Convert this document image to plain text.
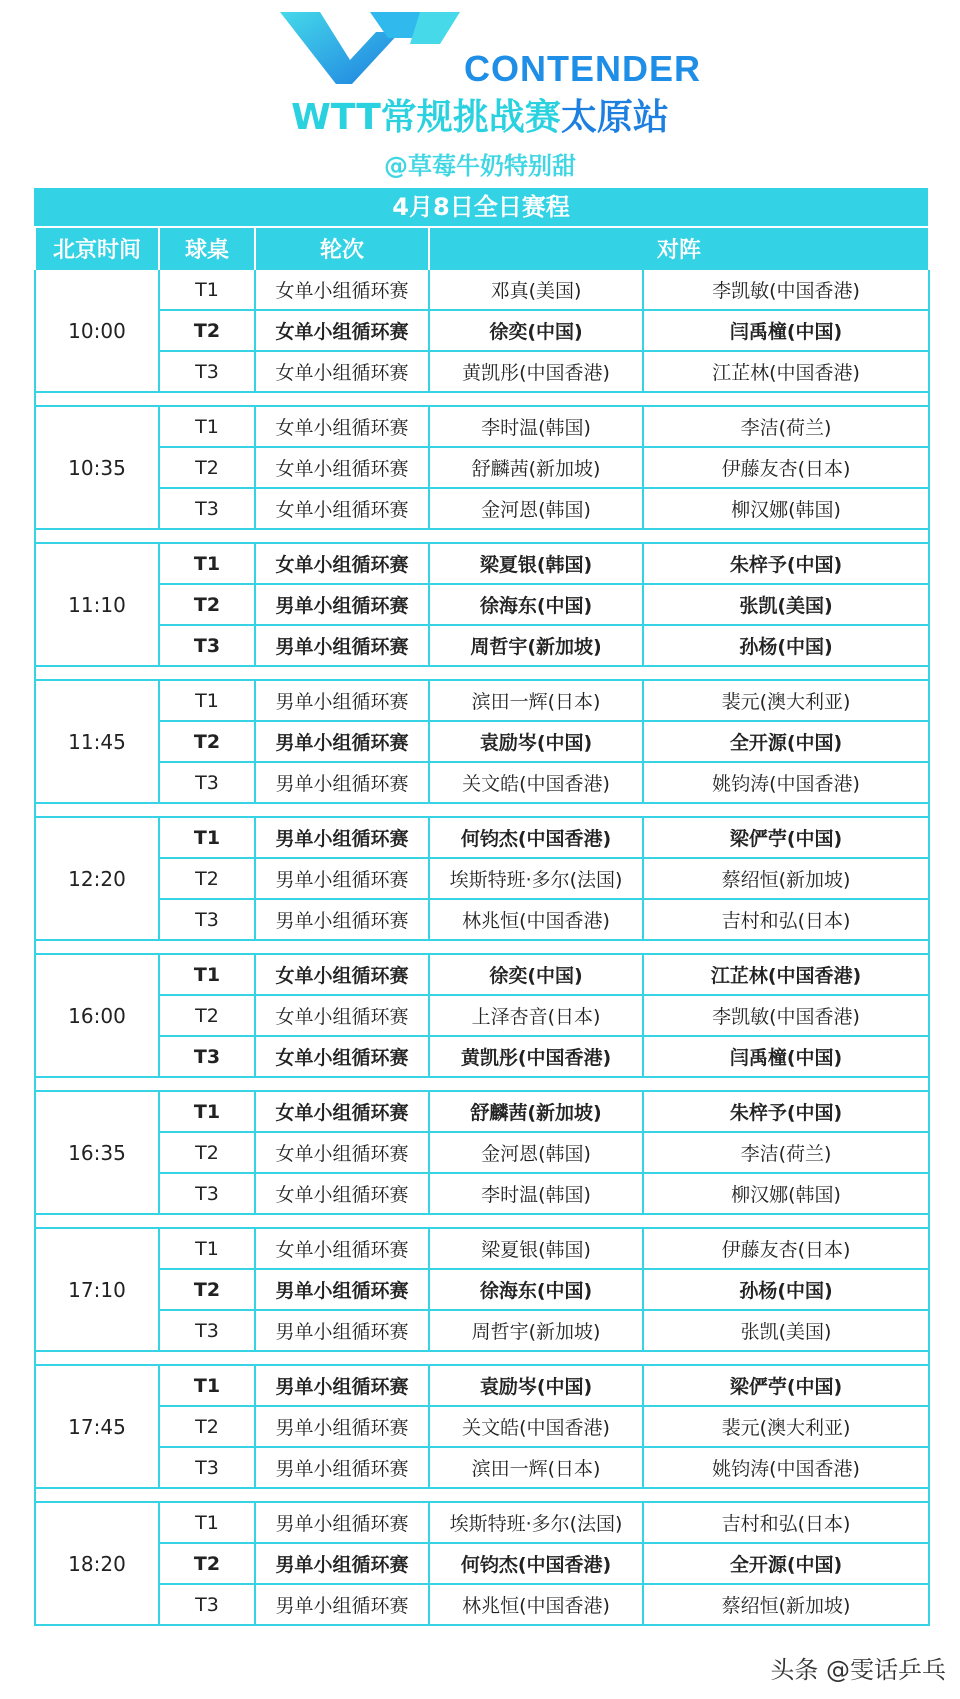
CONTENDER
WTT常规挑战赛太原站
@草莓牛奶特别甜
4月8日全日赛程
北京时间	球桌	轮次	对阵	
10:00	T1	女单小组循环赛	邓真(美国)	李凯敏(中国香港)
	T2	女单小组循环赛	徐奕(中国)	闫禹橦(中国)
	T3	女单小组循环赛	黄凯彤(中国香港)	江芷林(中国香港)

10:35	T1	女单小组循环赛	李时温(韩国)	李洁(荷兰)
	T2	女单小组循环赛	舒麟茜(新加坡)	伊藤友杏(日本)
	T3	女单小组循环赛	金河恩(韩国)	柳汉娜(韩国)

11:10	T1	女单小组循环赛	梁夏银(韩国)	朱梓予(中国)
	T2	男单小组循环赛	徐海东(中国)	张凯(美国)
	T3	男单小组循环赛	周哲宇(新加坡)	孙杨(中国)

11:45	T1	男单小组循环赛	滨田一辉(日本)	裴元(澳大利亚)
	T2	男单小组循环赛	袁励岑(中国)	全开源(中国)
	T3	男单小组循环赛	关文皓(中国香港)	姚钧涛(中国香港)

12:20	T1	男单小组循环赛	何钧杰(中国香港)	梁俨苧(中国)
	T2	男单小组循环赛	埃斯特班·多尔(法国)	蔡绍恒(新加坡)
	T3	男单小组循环赛	林兆恒(中国香港)	吉村和弘(日本)

16:00	T1	女单小组循环赛	徐奕(中国)	江芷林(中国香港)
	T2	女单小组循环赛	上泽杏音(日本)	李凯敏(中国香港)
	T3	女单小组循环赛	黄凯彤(中国香港)	闫禹橦(中国)

16:35	T1	女单小组循环赛	舒麟茜(新加坡)	朱梓予(中国)
	T2	女单小组循环赛	金河恩(韩国)	李洁(荷兰)
	T3	女单小组循环赛	李时温(韩国)	柳汉娜(韩国)

17:10	T1	女单小组循环赛	梁夏银(韩国)	伊藤友杏(日本)
	T2	男单小组循环赛	徐海东(中国)	孙杨(中国)
	T3	男单小组循环赛	周哲宇(新加坡)	张凯(美国)

17:45	T1	男单小组循环赛	袁励岑(中国)	梁俨苧(中国)
	T2	男单小组循环赛	关文皓(中国香港)	裴元(澳大利亚)
	T3	男单小组循环赛	滨田一辉(日本)	姚钧涛(中国香港)

18:20	T1	男单小组循环赛	埃斯特班·多尔(法国)	吉村和弘(日本)
	T2	男单小组循环赛	何钧杰(中国香港)	全开源(中国)
	T3	男单小组循环赛	林兆恒(中国香港)	蔡绍恒(新加坡)
头条 @雯话乒乓
